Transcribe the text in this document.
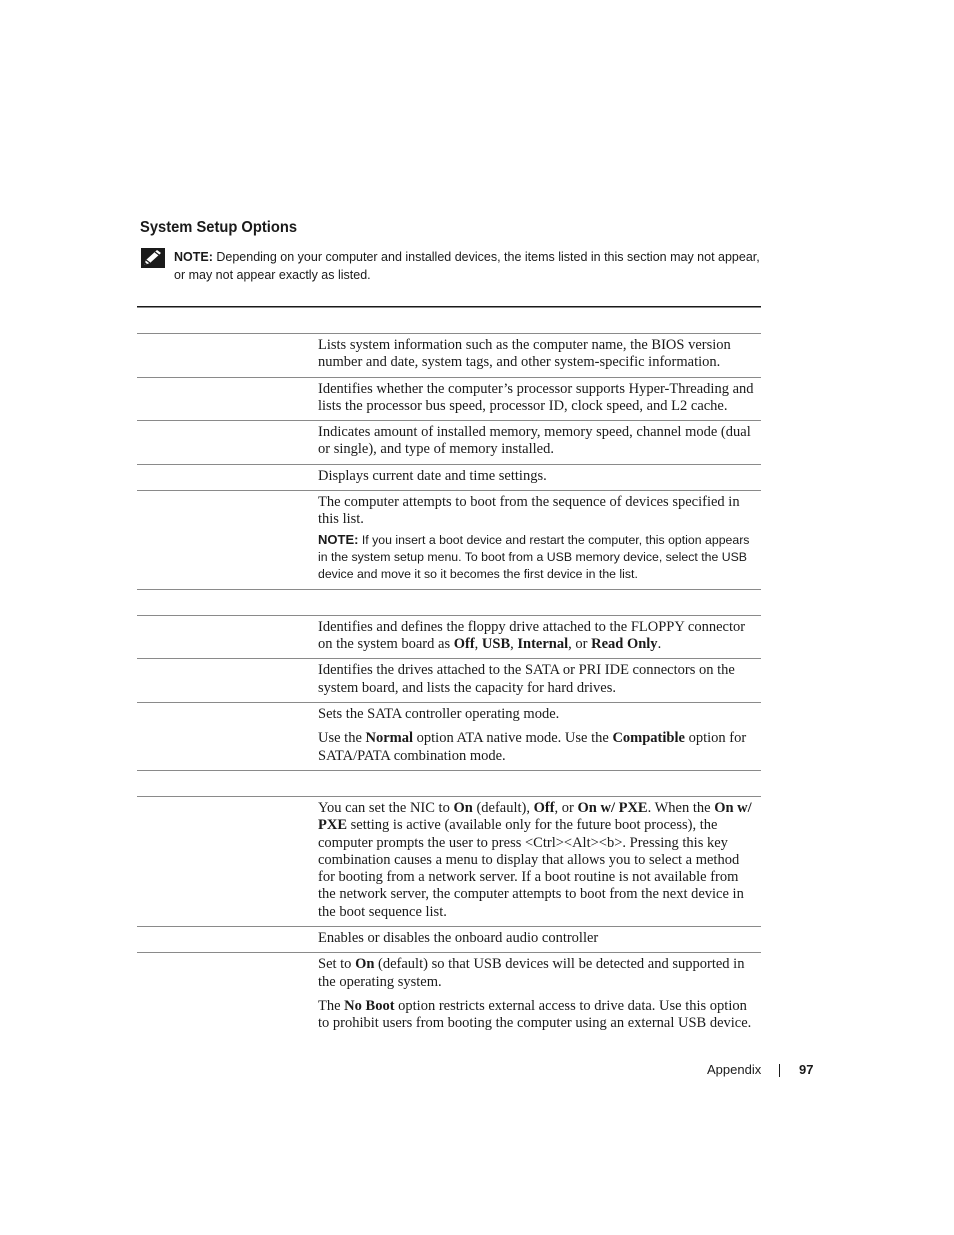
System Setup Options
NOTE: Depending on your computer and installed devices, the items listed in this section may not appear, or may not appear exactly as listed.

Lists system information such as the computer name, the BIOS version number and date, system tags, and other system-specific information.

Identifies whether the computer’s processor supports Hyper-Threading and lists the processor bus speed, processor ID, clock speed, and L2 cache.

Indicates amount of installed memory, memory speed, channel mode (dual or single), and type of memory installed.

Displays current date and time settings.

The computer attempts to boot from the sequence of devices specified in this list.

NOTE: If you insert a boot device and restart the computer, this option appears in the system setup menu. To boot from a USB memory device, select the USB device and move it so it becomes the first device in the list.

Identifies and defines the floppy drive attached to the FLOPPY connector on the system board as Off, USB, Internal, or Read Only.

Identifies the drives attached to the SATA or PRI IDE connectors on the system board, and lists the capacity for hard drives.

Sets the SATA controller operating mode.

Use the Normal option ATA native mode. Use the Compatible option for SATA/PATA combination mode.

You can set the NIC to On (default), Off, or On w/ PXE. When the On w/ PXE setting is active (available only for the future boot process), the computer prompts the user to press <Ctrl><Alt><b>. Pressing this key combination causes a menu to display that allows you to select a method for booting from a network server. If a boot routine is not available from the network server, the computer attempts to boot from the next device in the boot sequence list.

Enables or disables the onboard audio controller

Set to On (default) so that USB devices will be detected and supported in the operating system.

The No Boot option restricts external access to drive data. Use this option to prohibit users from booting the computer using an external USB device.

Appendix	97
